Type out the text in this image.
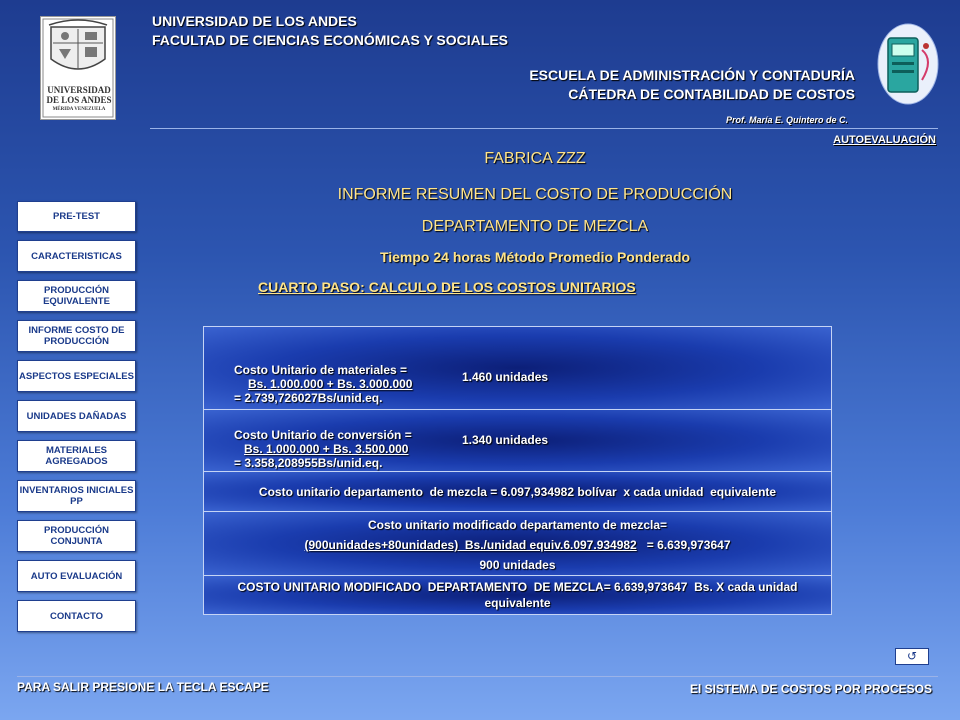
UNIVERSIDAD
DE LOS ANDES
MÉRIDA VENEZUELA
UNIVERSIDAD DE LOS ANDES
FACULTAD DE CIENCIAS ECONÓMICAS Y SOCIALES
ESCUELA DE ADMINISTRACIÓN Y CONTADURÍA
CÁTEDRA DE CONTABILIDAD DE COSTOS
Prof. María E. Quintero de C.
AUTOEVALUACIÓN
FABRICA ZZZ
INFORME RESUMEN DEL COSTO DE PRODUCCIÓN
DEPARTAMENTO DE MEZCLA
Tiempo 24 horas Método Promedio Ponderado
CUARTO PASO: CALCULO DE LOS COSTOS UNITARIOS
PRE-TEST
CARACTERISTICAS
PRODUCCIÓN EQUIVALENTE
INFORME COSTO DE PRODUCCIÓN
ASPECTOS ESPECIALES
UNIDADES DAÑADAS
MATERIALES AGREGADOS
INVENTARIOS INICIALES PP
PRODUCCIÓN CONJUNTA
AUTO EVALUACIÓN
CONTACTO

Costo Unitario de materiales =
Bs. 1.000.000 + Bs. 3.000.000
= 2.739,726027Bs/unid.eq.

1.460 unidades

Costo Unitario de conversión =
Bs. 1.000.000 + Bs. 3.500.000
= 3.358,208955Bs/unid.eq.

1.340 unidades
Costo unitario departamento  de mezcla = 6.097,934982 bolívar  x cada unidad  equivalente
Costo unitario modificado departamento de mezcla=
(900unidades+80unidades)  Bs./unidad equiv.6.097.934982 = 6.639,973647
900 unidades
COSTO UNITARIO MODIFICADO  DEPARTAMENTO  DE MEZCLA= 6.639,973647  Bs. X cada unidad equivalente
↺
PARA SALIR PRESIONE LA TECLA ESCAPE	El SISTEMA DE COSTOS POR PROCESOS
